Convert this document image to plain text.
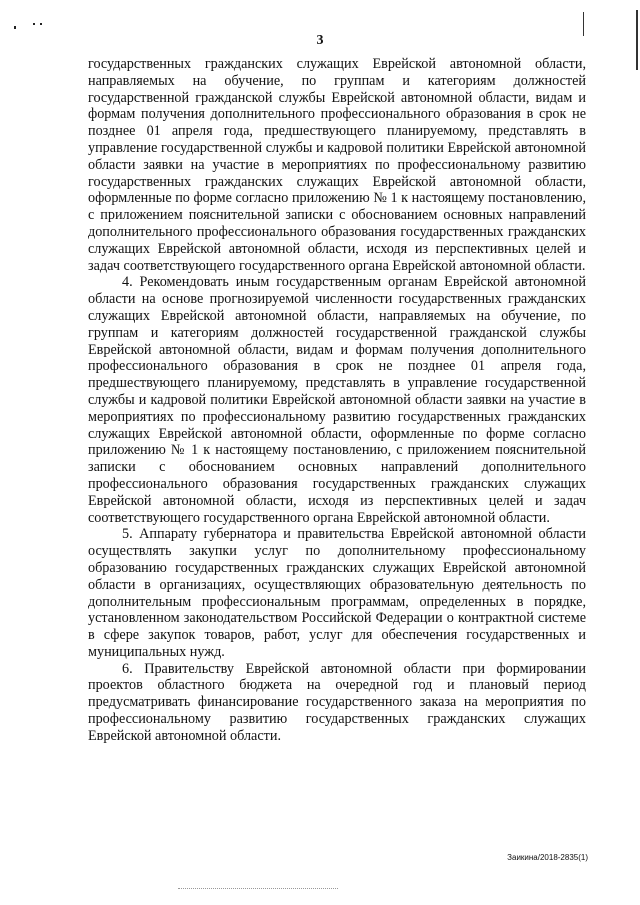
3

государственных гражданских служащих Еврейской автономной области, направляемых на обучение, по группам и категориям должностей государственной гражданской службы Еврейской автономной области, видам и формам получения дополнительного профессионального образования в срок не позднее 01 апреля года, предшествующего планируемому, представлять в управление государственной службы и кадровой политики Еврейской автономной области заявки на участие в мероприятиях по профессиональному развитию государственных гражданских служащих Еврейской автономной области, оформленные по форме согласно приложению № 1 к настоящему постановлению, с приложением пояснительной записки с обоснованием основных направлений дополнительного профессионального образования государственных гражданских служащих Еврейской автономной области, исходя из перспективных целей и задач соответствующего государственного органа Еврейской автономной области.

4. Рекомендовать иным государственным органам Еврейской автономной области на основе прогнозируемой численности государственных гражданских служащих Еврейской автономной области, направляемых на обучение, по группам и категориям должностей государственной гражданской службы Еврейской автономной области, видам и формам получения дополнительного профессионального образования в срок не позднее 01 апреля года, предшествующего планируемому, представлять в управление государственной службы и кадровой политики Еврейской автономной области заявки на участие в мероприятиях по профессиональному развитию государственных гражданских служащих Еврейской автономной области, оформленные по форме согласно приложению № 1 к настоящему постановлению, с приложением пояснительной записки с обоснованием основных направлений дополнительного профессионального образования государственных гражданских служащих Еврейской автономной области, исходя из перспективных целей и задач соответствующего государственного органа Еврейской автономной области.

5. Аппарату губернатора и правительства Еврейской автономной области осуществлять закупки услуг по дополнительному профессиональному образованию государственных гражданских служащих Еврейской автономной области в организациях, осуществляющих образовательную деятельность по дополнительным профессиональным программам, определенных в порядке, установленном законодательством Российской Федерации о контрактной системе в сфере закупок товаров, работ, услуг для обеспечения государственных и муниципальных нужд.

6. Правительству Еврейской автономной области при формировании проектов областного бюджета на очередной год и плановый период предусматривать финансирование государственного заказа на мероприятия по профессиональному развитию государственных гражданских служащих Еврейской автономной области.

Заикина/2018-2835(1)
